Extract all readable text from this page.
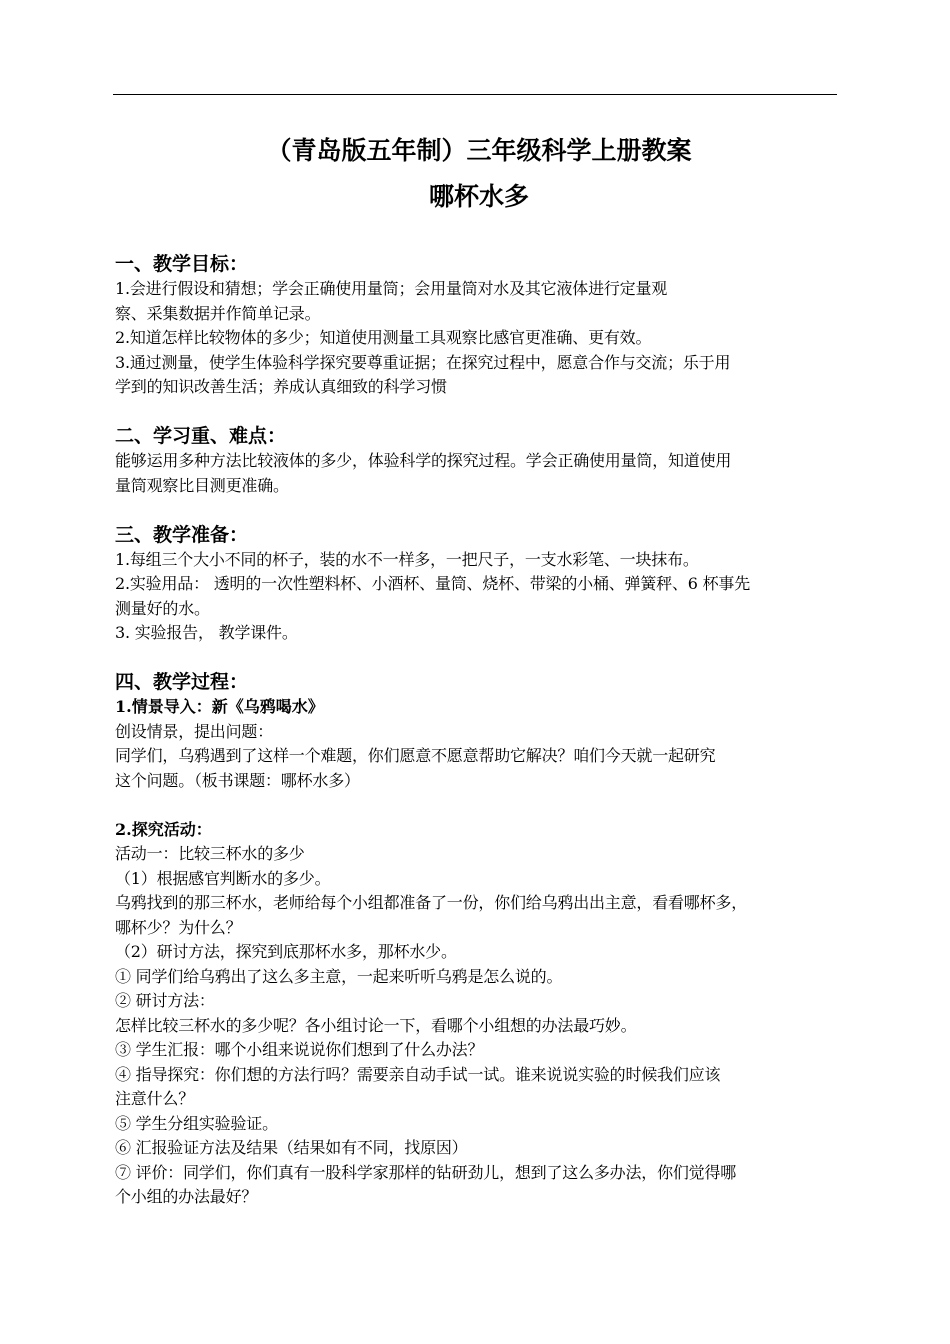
（青岛版五年制）三年级科学上册教案
哪杯水多
一、教学目标：
1.会进行假设和猜想；学会正确使用量筒；会用量筒对水及其它液体进行定量观
察、采集数据并作简单记录。
2.知道怎样比较物体的多少；知道使用测量工具观察比感官更准确、更有效。
3.通过测量，使学生体验科学探究要尊重证据；在探究过程中，愿意合作与交流；乐于用
学到的知识改善生活；养成认真细致的科学习惯
二、学习重、难点：
能够运用多种方法比较液体的多少，体验科学的探究过程。学会正确使用量筒，知道使用
量筒观察比目测更准确。
三、教学准备：
1.每组三个大小不同的杯子，装的水不一样多，一把尺子，一支水彩笔、一块抹布。
2.实验用品： 透明的一次性塑料杯、小酒杯、量筒、烧杯、带梁的小桶、弹簧秤、6 杯事先
测量好的水。
3. 实验报告， 教学课件。
四、教学过程：
1.情景导入：新《乌鸦喝水》
创设情景，提出问题：
同学们，乌鸦遇到了这样一个难题，你们愿意不愿意帮助它解决？咱们今天就一起研究
这个问题。（板书课题：哪杯水多）
2.探究活动：
活动一：比较三杯水的多少
（1）根据感官判断水的多少。
乌鸦找到的那三杯水，老师给每个小组都准备了一份，你们给乌鸦出出主意，看看哪杯多，
哪杯少？为什么？
（2）研讨方法，探究到底那杯水多，那杯水少。
① 同学们给乌鸦出了这么多主意，一起来听听乌鸦是怎么说的。
② 研讨方法：
怎样比较三杯水的多少呢？各小组讨论一下，看哪个小组想的办法最巧妙。
③ 学生汇报：哪个小组来说说你们想到了什么办法？
④ 指导探究：你们想的方法行吗？需要亲自动手试一试。谁来说说实验的时候我们应该
注意什么？
⑤ 学生分组实验验证。
⑥ 汇报验证方法及结果（结果如有不同，找原因）
⑦ 评价：同学们，你们真有一股科学家那样的钻研劲儿，想到了这么多办法，你们觉得哪
个小组的办法最好？
